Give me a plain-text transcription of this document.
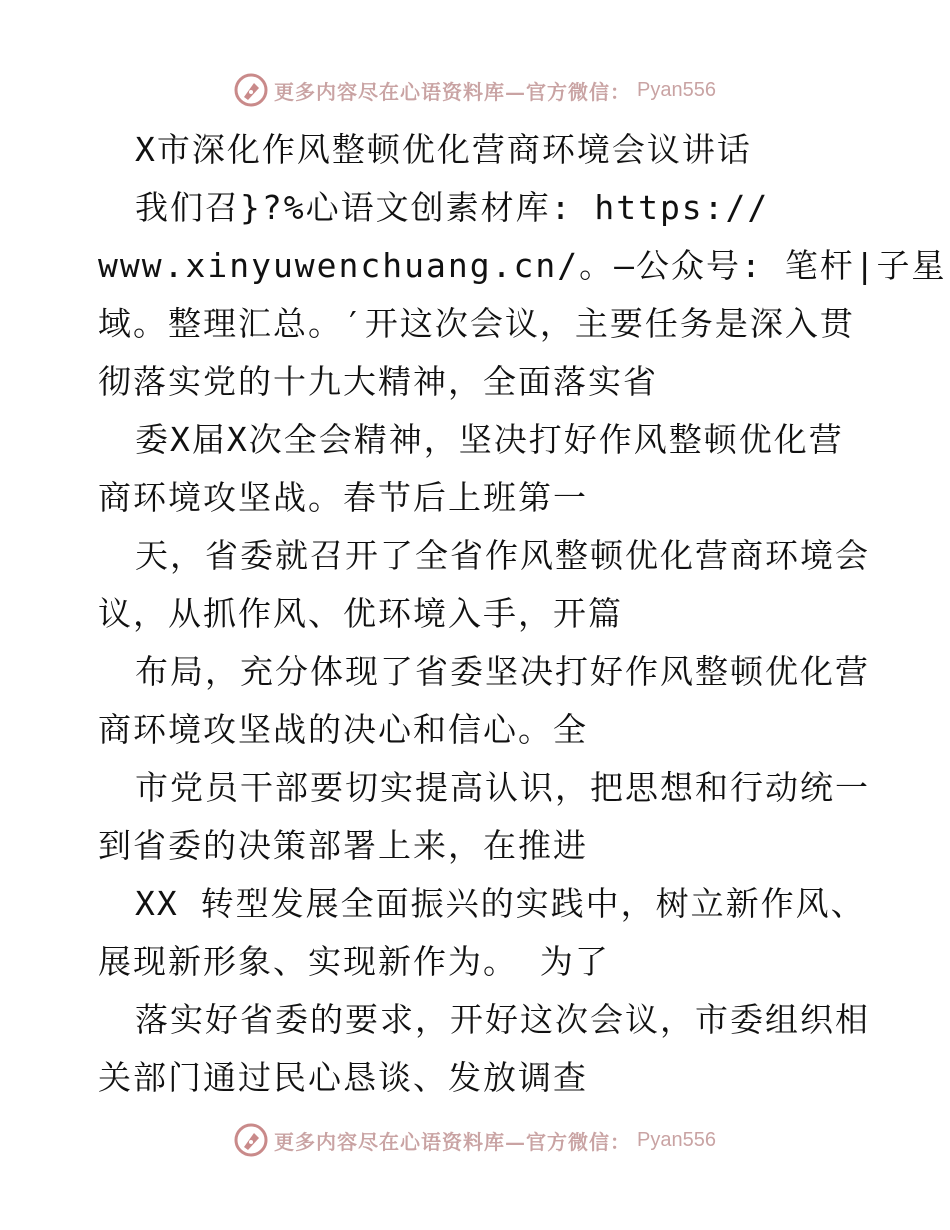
更多内容尽在心语资料库—官方微信： Pyan556
X市深化作风整顿优化营商环境会议讲话
我们召}?%心语文创素材库: https://
www.xinyuwenchuang.cn/。—公众号: 笔杆|子星
域。整理汇总。′开这次会议，主要任务是深入贯
彻落实党的十九大精神，全面落实省
委X届X次全会精神，坚决打好作风整顿优化营
商环境攻坚战。春节后上班第一
天，省委就召开了全省作风整顿优化营商环境会
议，从抓作风、优环境入手，开篇
布局，充分体现了省委坚决打好作风整顿优化营
商环境攻坚战的决心和信心。全
市党员干部要切实提高认识，把思想和行动统一
到省委的决策部署上来，在推进
XX 转型发展全面振兴的实践中，树立新作风、
展现新形象、实现新作为。 为了
落实好省委的要求，开好这次会议，市委组织相
关部门通过民心恳谈、发放调查
更多内容尽在心语资料库—官方微信： Pyan556
